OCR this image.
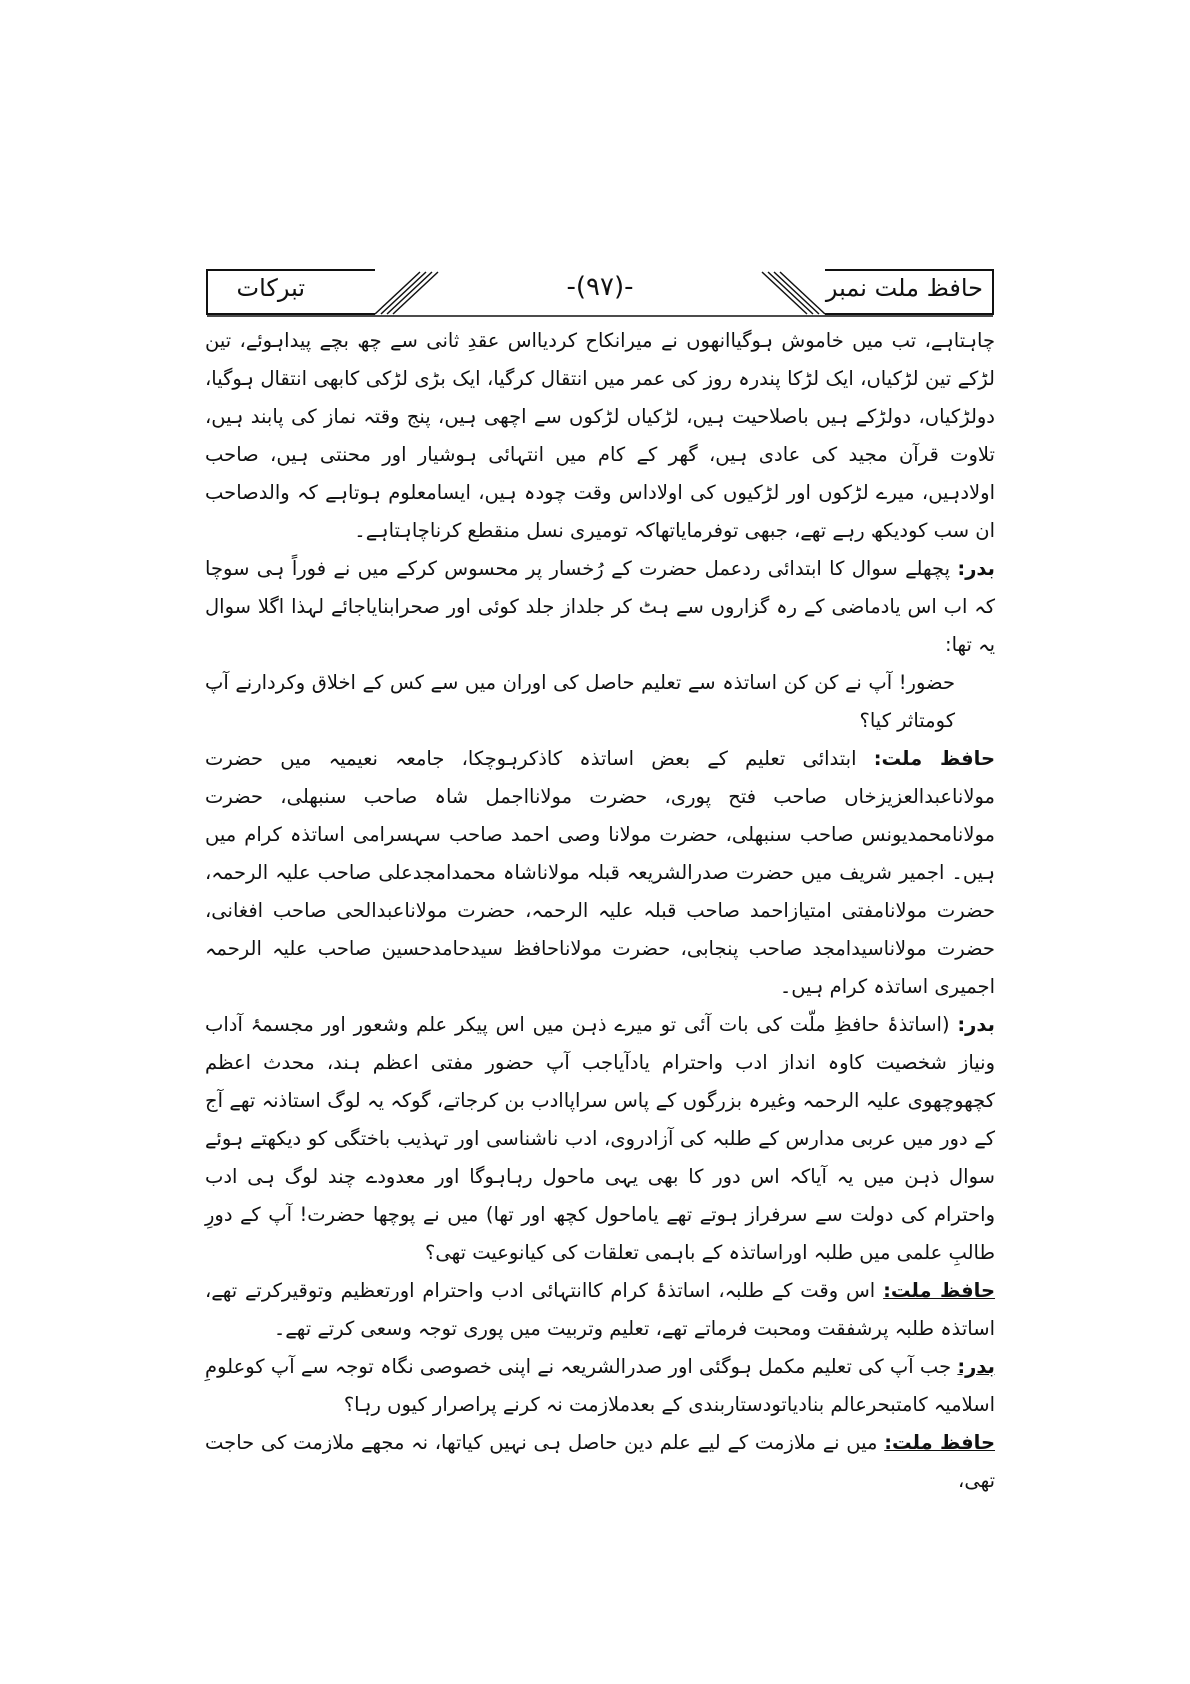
حافظ ملت نمبر
-(۹۷)-
تبرکات

چاہتاہے، تب میں خاموش ہوگیاانھوں نے میرانکاح کردیااس عقدِ ثانی سے چھ بچے پیداہوئے، تین لڑکے تین لڑکیاں، ایک لڑکا پندرہ روز کی عمر میں انتقال کرگیا، ایک بڑی لڑکی کابھی انتقال ہوگیا، دولڑکیاں، دولڑکے ہیں باصلاحیت ہیں، لڑکیاں لڑکوں سے اچھی ہیں، پنج وقتہ نماز کی پابند ہیں، تلاوت قرآن مجید کی عادی ہیں، گھر کے کام میں انتہائی ہوشیار اور محنتی ہیں، صاحب اولادہیں، میرے لڑکوں اور لڑکیوں کی اولاداس وقت چودہ ہیں، ایسامعلوم ہوتاہے کہ والدصاحب ان سب کودیکھ رہے تھے، جبھی توفرمایاتھاکہ تومیری نسل منقطع کرناچاہتاہے۔

بدر: پچھلے سوال کا ابتدائی ردعمل حضرت کے رُخسار پر محسوس کرکے میں نے فوراً ہی سوچا کہ اب اس یادماضی کے رہ گزاروں سے ہٹ کر جلداز جلد کوئی اور صحرابنایاجائے لہذا اگلا سوال یہ تھا:

حضور! آپ نے کن کن اساتذہ سے تعلیم حاصل کی اوران میں سے کس کے اخلاق وکردارنے آپ کومتاثر کیا؟

حافظ ملت: ابتدائی تعلیم کے بعض اساتذہ کاذکرہوچکا، جامعہ نعیمیہ میں حضرت مولاناعبدالعزیزخاں صاحب فتح پوری، حضرت مولانااجمل شاہ صاحب سنبھلی، حضرت مولانامحمدیونس صاحب سنبھلی، حضرت مولانا وصی احمد صاحب سہسرامی اساتذہ کرام میں ہیں۔ اجمیر شریف میں حضرت صدرالشریعہ قبلہ مولاناشاہ محمدامجدعلی صاحب علیہ الرحمہ، حضرت مولانامفتی امتیازاحمد صاحب قبلہ علیہ الرحمہ، حضرت مولاناعبدالحی صاحب افغانی، حضرت مولاناسیدامجد صاحب پنجابی، حضرت مولاناحافظ سیدحامدحسین صاحب علیہ الرحمہ اجمیری اساتذہ کرام ہیں۔

بدر: (اساتذۂ حافظِ ملّت کی بات آئی تو میرے ذہن میں اس پیکر علم وشعور اور مجسمۂ آداب ونیاز شخصیت کاوہ انداز ادب واحترام یادآیاجب آپ حضور مفتی اعظم ہند، محدث اعظم کچھوچھوی علیہ الرحمہ وغیرہ بزرگوں کے پاس سراپاادب بن کرجاتے، گوکہ یہ لوگ استاذنہ تھے آج کے دور میں عربی مدارس کے طلبہ کی آزادروی، ادب ناشناسی اور تہذیب باختگی کو دیکھتے ہوئے سوال ذہن میں یہ آیاکہ اس دور کا بھی یہی ماحول رہاہوگا اور معدودے چند لوگ ہی ادب واحترام کی دولت سے سرفراز ہوتے تھے یاماحول کچھ اور تھا) میں نے پوچھا حضرت! آپ کے دورِ طالبِ علمی میں طلبہ اوراساتذہ کے باہمی تعلقات کی کیانوعیت تھی؟

حافظ ملت: اس وقت کے طلبہ، اساتذۂ کرام کاانتہائی ادب واحترام اورتعظیم وتوقیرکرتے تھے، اساتذہ طلبہ پرشفقت ومحبت فرماتے تھے، تعلیم وتربیت میں پوری توجہ وسعی کرتے تھے۔

بدر: جب آپ کی تعلیم مکمل ہوگئی اور صدرالشریعہ نے اپنی خصوصی نگاہ توجہ سے آپ کوعلومِ اسلامیہ کامتبحرعالم بنادیاتودستاربندی کے بعدملازمت نہ کرنے پراصرار کیوں رہا؟

حافظ ملت: میں نے ملازمت کے لیے علم دین حاصل ہی نہیں کیاتھا، نہ مجھے ملازمت کی حاجت تھی،
